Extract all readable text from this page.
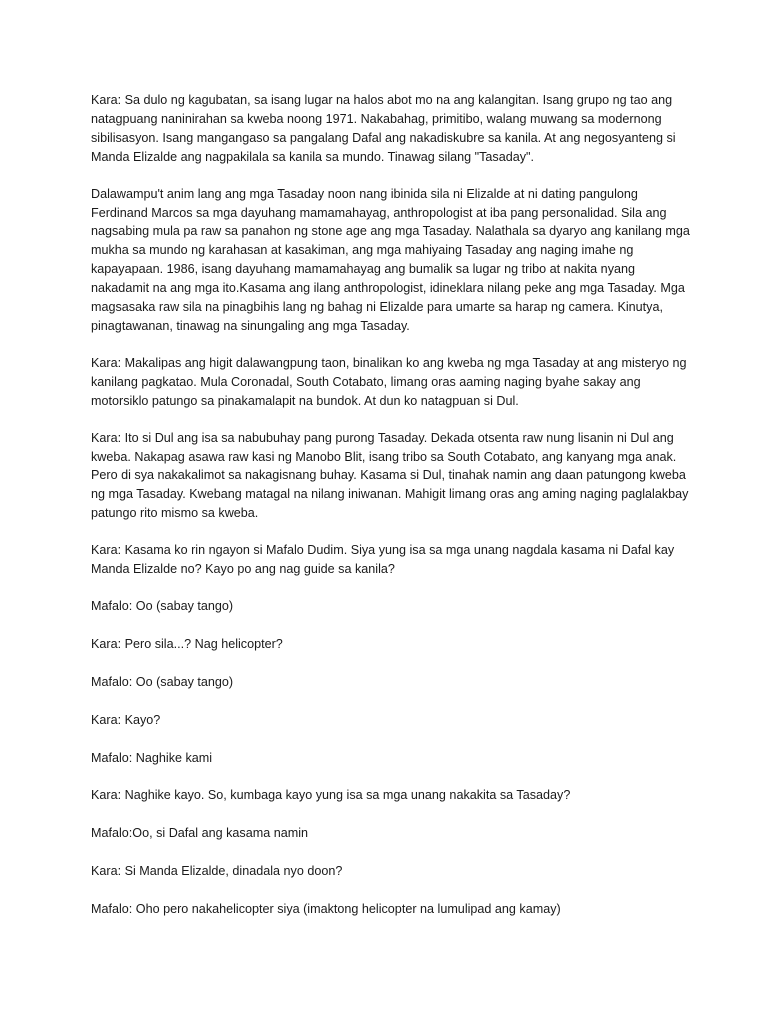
Kara: Sa dulo ng kagubatan, sa isang lugar na halos abot mo na ang kalangitan. Isang grupo ng tao ang natagpuang naninirahan sa kweba noong 1971. Nakabahag, primitibo, walang muwang sa modernong sibilisasyon. Isang mangangaso sa pangalang Dafal ang nakadiskubre sa kanila. At ang negosyanteng si Manda Elizalde ang nagpakilala sa kanila sa mundo. Tinawag silang "Tasaday".

Dalawampu't anim lang ang mga Tasaday noon nang ibinida sila ni Elizalde at ni dating pangulong Ferdinand Marcos sa mga dayuhang mamamahayag, anthropologist at iba pang personalidad. Sila ang nagsabing mula pa raw sa panahon ng stone age ang mga Tasaday. Nalathala sa dyaryo ang kanilang mga mukha sa mundo ng karahasan at kasakiman, ang mga mahiyaing Tasaday ang naging imahe ng kapayapaan. 1986, isang dayuhang mamamahayag ang bumalik sa lugar ng tribo at nakita nyang nakadamit na ang mga ito.Kasama ang ilang anthropologist, idineklara nilang peke ang mga Tasaday. Mga magsasaka raw sila na pinagbihis lang ng bahag ni Elizalde para umarte sa harap ng camera. Kinutya, pinagtawanan, tinawag na sinungaling ang mga Tasaday.

Kara: Makalipas ang higit dalawangpung taon, binalikan ko ang kweba ng mga Tasaday at ang misteryo ng kanilang pagkatao. Mula Coronadal, South Cotabato, limang oras aaming naging byahe sakay ang motorsiklo patungo sa pinakamalapit na bundok. At dun ko natagpuan si Dul.

Kara: Ito si Dul ang isa sa nabubuhay pang purong Tasaday. Dekada otsenta raw nung lisanin ni Dul ang kweba. Nakapag asawa raw kasi ng Manobo Blit, isang tribo sa South Cotabato, ang kanyang mga anak. Pero di sya nakakalimot sa nakagisnang buhay. Kasama si Dul, tinahak namin ang daan patungong kweba ng mga Tasaday. Kwebang matagal na nilang iniwanan. Mahigit limang oras ang aming naging paglalakbay patungo rito mismo sa kweba.

Kara: Kasama ko rin ngayon si Mafalo Dudim. Siya yung isa sa mga unang nagdala kasama ni Dafal kay Manda Elizalde no? Kayo po ang nag guide sa kanila?

Mafalo: Oo (sabay tango)

Kara: Pero sila...? Nag helicopter?

Mafalo: Oo (sabay tango)

Kara: Kayo?

Mafalo: Naghike kami

Kara: Naghike kayo. So, kumbaga kayo yung isa sa mga unang nakakita sa Tasaday?

Mafalo:Oo, si Dafal ang kasama namin

Kara: Si Manda Elizalde, dinadala nyo doon?

Mafalo: Oho pero nakahelicopter siya (imaktong helicopter na lumulipad ang kamay)
